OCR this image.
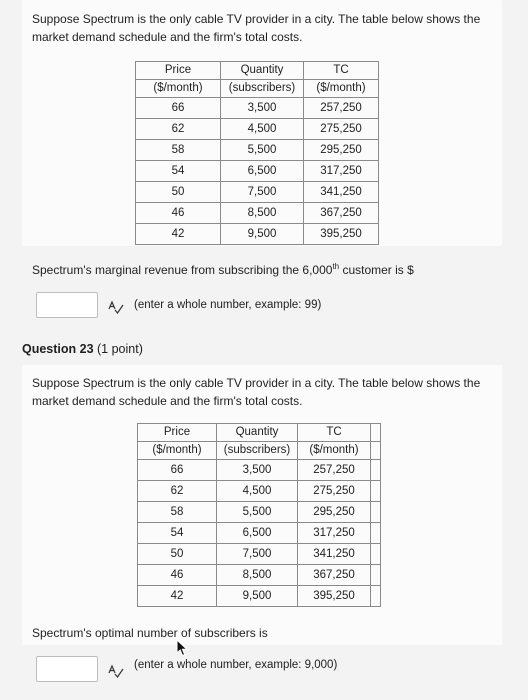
Suppose Spectrum is the only cable TV provider in a city. The table below shows the
market demand schedule and the firm's total costs.

Price	Quantity	TC
($/month)	(subscribers)	($/month)
66	3,500	257,250
62	4,500	275,250
58	5,500	295,250
54	6,500	317,250
50	7,500	341,250
46	8,500	367,250
42	9,500	395,250

Spectrum's marginal revenue from subscribing the 6,000th customer is $

(enter a whole number, example: 99)
Question 23 (1 point)

Suppose Spectrum is the only cable TV provider in a city. The table below shows the
market demand schedule and the firm's total costs.

Price	Quantity	TC	
($/month)	(subscribers)	($/month)	
66	3,500	257,250	
62	4,500	275,250	
58	5,500	295,250	
54	6,500	317,250	
50	7,500	341,250	
46	8,500	367,250	
42	9,500	395,250	

Spectrum's optimal number of subscribers is

(enter a whole number, example: 9,000)
